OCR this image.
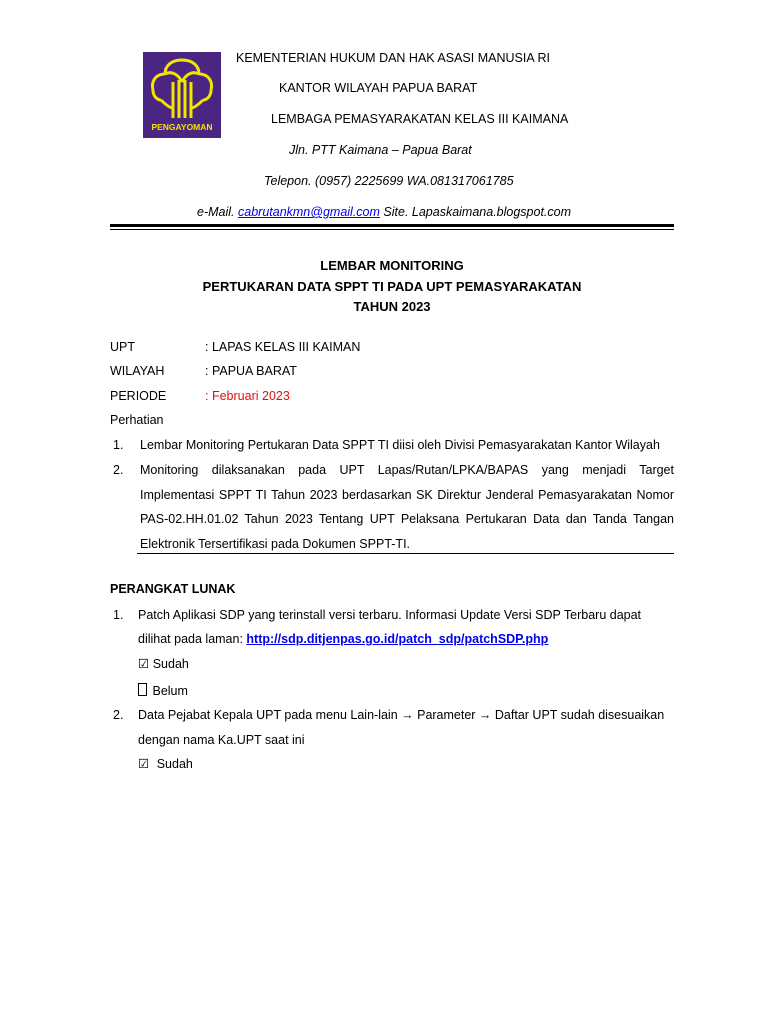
PENGAYOMAN
KEMENTERIAN HUKUM DAN HAK ASASI MANUSIA RI
KANTOR WILAYAH PAPUA BARAT
LEMBAGA PEMASYARAKATAN KELAS III KAIMANA
Jln. PTT Kaimana – Papua Barat
Telepon. (0957) 2225699 WA.081317061785
e-Mail. cabrutankmn@gmail.com Site. Lapaskaimana.blogspot.com
LEMBAR MONITORING
PERTUKARAN DATA SPPT TI PADA UPT PEMASYARAKATAN
TAHUN 2023
UPT	: LAPAS KELAS III KAIMAN
WILAYAH	: PAPUA BARAT
PERIODE	: Februari 2023
Perhatian
1. Lembar Monitoring Pertukaran Data SPPT TI diisi oleh Divisi Pemasyarakatan Kantor Wilayah
2. Monitoring dilaksanakan pada UPT Lapas/Rutan/LPKA/BAPAS yang menjadi Target
Implementasi SPPT TI Tahun 2023 berdasarkan SK Direktur Jenderal Pemasyarakatan Nomor
PAS-02.HH.01.02 Tahun 2023 Tentang UPT Pelaksana Pertukaran Data dan Tanda Tangan
Elektronik Tersertifikasi pada Dokumen SPPT-TI.
PERANGKAT LUNAK
1. Patch Aplikasi SDP yang terinstall versi terbaru. Informasi Update Versi SDP Terbaru dapat
dilihat pada laman: http://sdp.ditjenpas.go.id/patch_sdp/patchSDP.php
☑ Sudah
Belum
2. Data Pejabat Kepala UPT pada menu Lain-lain → Parameter → Daftar UPT sudah disesuaikan
dengan nama Ka.UPT saat ini
☑ Sudah
